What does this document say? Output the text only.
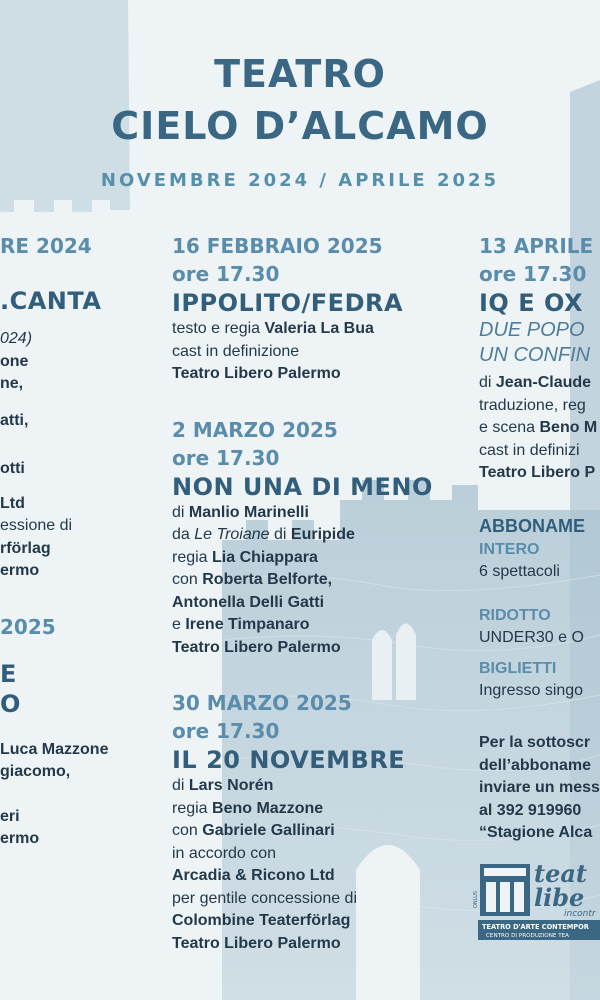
TEATRO
CIELO D’ALCAMO
NOVEMBRE 2024 / APRILE 2025
RE 2024
.CANTA
024)
one
ne,
atti,
otti
Ltd
essione di
rförlag
ermo
2025
E
O
Luca Mazzone
giacomo,
eri
ermo
16 FEBBRAIO 2025
ore 17.30
IPPOLITO/FEDRA
testo e regia Valeria La Bua
cast in definizione
Teatro Libero Palermo
2 MARZO 2025
ore 17.30
NON UNA DI MENO
di Manlio Marinelli
da Le Troiane di Euripide
regia Lia Chiappara
con Roberta Belforte,
Antonella Delli Gatti
e Irene Timpanaro
Teatro Libero Palermo
30 MARZO 2025
ore 17.30
IL 20 NOVEMBRE
di Lars Norén
regia Beno Mazzone
con Gabriele Gallinari
in accordo con
Arcadia & Ricono Ltd
per gentile concessione di
Colombine Teaterförlag
Teatro Libero Palermo
13 APRILE
ore 17.30
IQ E OX
DUE POPO
UN CONFIN
di Jean-Claude
traduzione, reg
e scena Beno M
cast in definizi
Teatro Libero P
ABBONAME
INTERO
6 spettacoli
RIDOTTO
UNDER30 e O
BIGLIETTI
Ingresso singo
Per la sottoscr
dell’abboname
inviare un mess
al 392 919960
“Stagione Alca
ONLUS
teat
libe
incontr
TEATRO D'ARTE CONTEMPOR
CENTRO DI PRODUZIONE TEA
